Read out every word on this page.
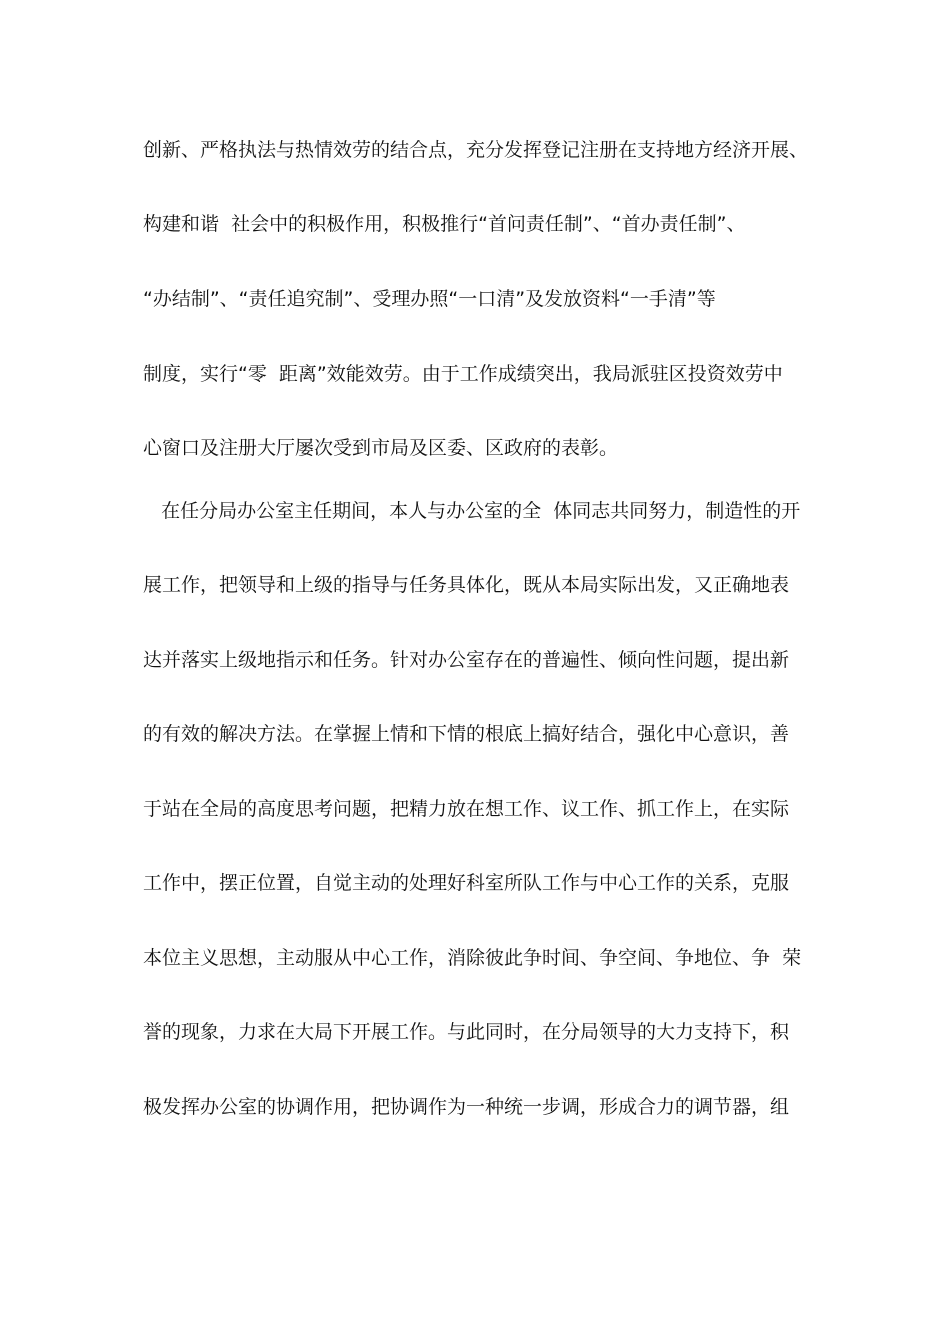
创新、严格执法与热情效劳的结合点，充分发挥登记注册在支持地方经济开展、
构建和谐  社会中的积极作用，积极推行“首问责任制”、“首办责任制”、
“办结制”、“责任追究制”、受理办照“一口清”及发放资料“一手清”等
制度，实行“零  距离”效能效劳。由于工作成绩突出，我局派驻区投资效劳中
心窗口及注册大厅屡次受到市局及区委、区政府的表彰。
在任分局办公室主任期间，本人与办公室的全  体同志共同努力，制造性的开
展工作，把领导和上级的指导与任务具体化，既从本局实际出发，又正确地表
达并落实上级地指示和任务。针对办公室存在的普遍性、倾向性问题，提出新
的有效的解决方法。在掌握上情和下情的根底上搞好结合，强化中心意识，善
于站在全局的高度思考问题，把精力放在想工作、议工作、抓工作上，在实际
工作中，摆正位置，自觉主动的处理好科室所队工作与中心工作的关系，克服
本位主义思想，主动服从中心工作，消除彼此争时间、争空间、争地位、争  荣
誉的现象，力求在大局下开展工作。与此同时，在分局领导的大力支持下，积
极发挥办公室的协调作用，把协调作为一种统一步调，形成合力的调节器，组
